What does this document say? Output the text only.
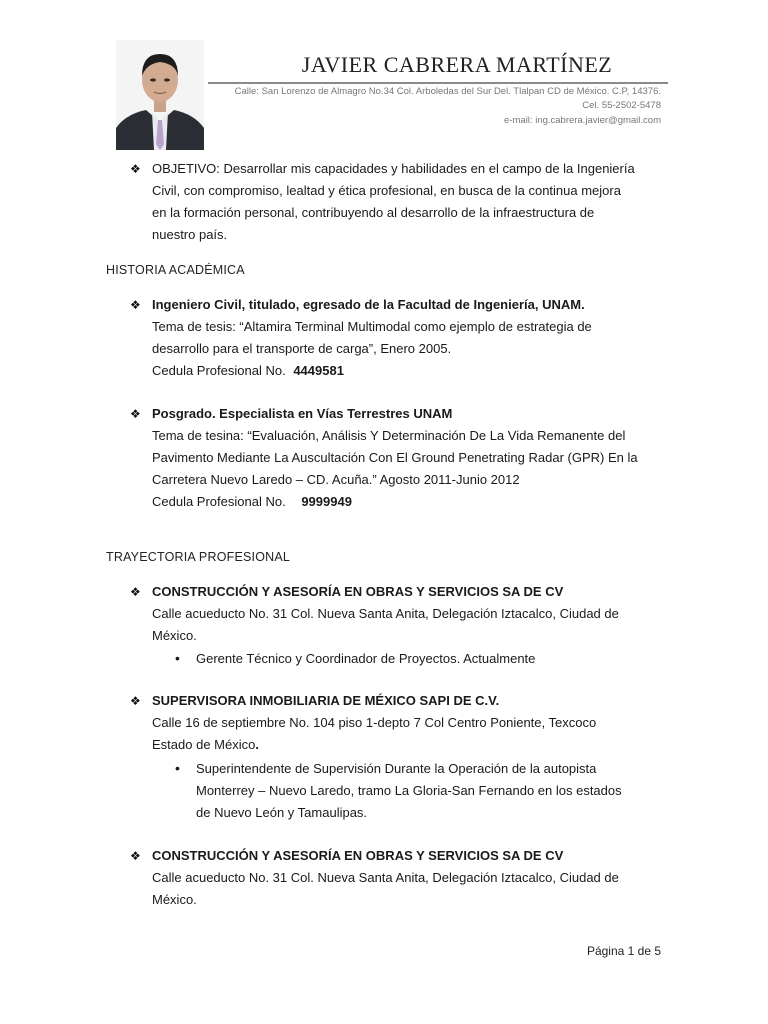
JAVIER CABRERA MARTÍNEZ
Calle: San Lorenzo de Almagro No.34 Col. Arboledas del Sur Del. Tlalpan CD de México. C.P, 14376.
Cel. 55-2502-5478
e-mail: ing.cabrera.javier@gmail.com
❖ OBJETIVO: Desarrollar mis capacidades y habilidades en el campo de la Ingeniería
Civil, con compromiso, lealtad y ética profesional, en busca de la continua mejora
en la formación personal, contribuyendo al desarrollo de la infraestructura de
nuestro país.
HISTORIA ACADÉMICA
❖ Ingeniero Civil, titulado, egresado de la Facultad de Ingeniería, UNAM.
Tema de tesis: “Altamira Terminal Multimodal como ejemplo de estrategia de
desarrollo para el transporte de carga”, Enero 2005.
Cedula Profesional No. 4449581
❖ Posgrado. Especialista en Vías Terrestres UNAM
Tema de tesina: “Evaluación, Análisis Y Determinación De La Vida Remanente del
Pavimento Mediante La Auscultación Con El Ground Penetrating Radar (GPR) En la
Carretera Nuevo Laredo – CD. Acuña.” Agosto 2011-Junio 2012
Cedula Profesional No. 9999949
TRAYECTORIA PROFESIONAL
❖ CONSTRUCCIÓN Y ASESORÍA EN OBRAS Y SERVICIOS SA DE CV
Calle acueducto No. 31 Col. Nueva Santa Anita, Delegación Iztacalco, Ciudad de
México.
• Gerente Técnico y Coordinador de Proyectos. Actualmente
❖ SUPERVISORA INMOBILIARIA DE MÉXICO SAPI DE C.V.
Calle 16 de septiembre No. 104 piso 1-depto 7 Col Centro Poniente, Texcoco
Estado de México.
• Superintendente de Supervisión Durante la Operación de la autopista
Monterrey – Nuevo Laredo, tramo La Gloria-San Fernando en los estados
de Nuevo León y Tamaulipas.
❖ CONSTRUCCIÓN Y ASESORÍA EN OBRAS Y SERVICIOS SA DE CV
Calle acueducto No. 31 Col. Nueva Santa Anita, Delegación Iztacalco, Ciudad de
México.
Página 1 de 5
